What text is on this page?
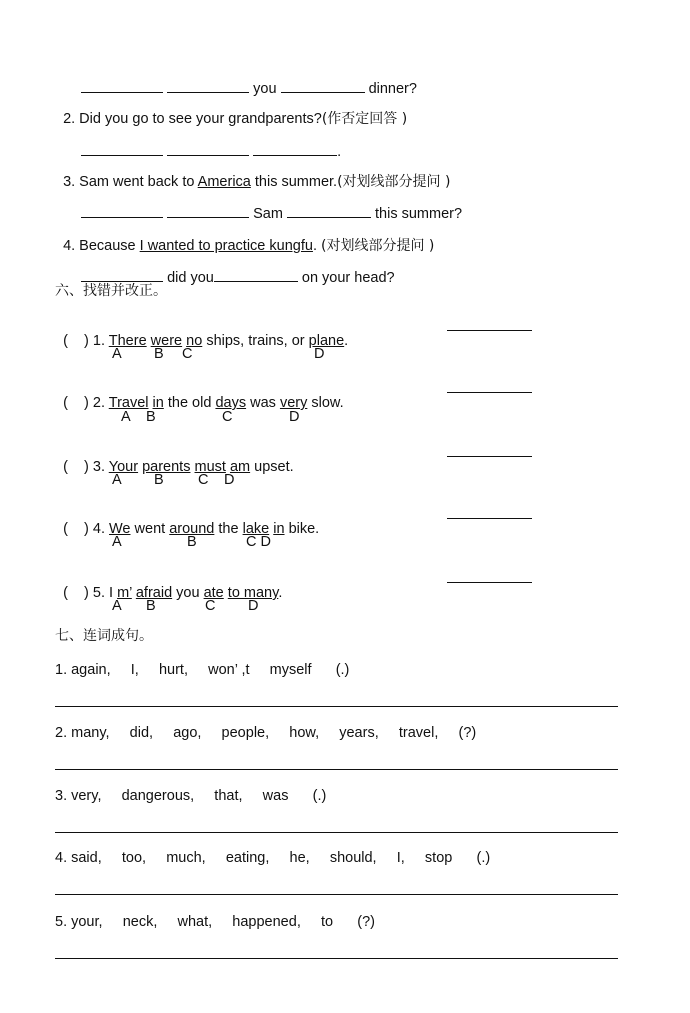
you	dinner?

2. Did you go to see your grandparents?(作否定回答 )

.

3. Sam went back to America this summer.(对划线部分提问 )

Sam	this summer?

4. Because I wanted to practice kungfu. (对划线部分提问 )

did you	on your head?

六、找错并改正。

(    ) 1. There were no ships, trains, or plane.

A B C	D

(    ) 2. Travel in the old days was very slow.

A B	C	D

(    ) 3. Your parents must am upset.

A B C D

(    ) 4. We went around the lake in bike.

A	B	C D

(    ) 5. I m’ afraid you ate to many.

A B	C D
七、连词成句。
1. again,     I,     hurt,     won’ ,t     myself      (.)
2. many,     did,     ago,     people,     how,     years,     travel,     (?)
3. very,     dangerous,     that,     was      (.)
4. said,     too,     much,     eating,     he,     should,     I,     stop      (.)
5. your,     neck,     what,     happened,     to      (?)
